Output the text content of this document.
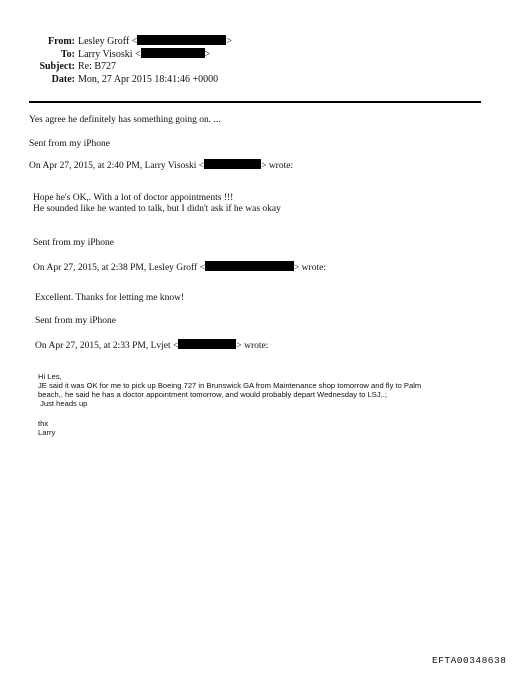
From: Lesley Groff <	>
To: Larry Visoski <	>
Subject: Re: B727
Date: Mon, 27 Apr 2015 18:41:46 +0000
Yes agree he definitely has something going on. ...
Sent from my iPhone
On Apr 27, 2015, at 2:40 PM, Larry Visoski <	> wrote:
Hope he's OK,. With a lot of doctor appointments !!!
He sounded like he wanted to talk, but I didn't ask if he was okay
Sent from my iPhone
On Apr 27, 2015, at 2:38 PM, Lesley Groff <	> wrote:
Excellent. Thanks for letting me know!
Sent from my iPhone
On Apr 27, 2015, at 2:33 PM, Lvjet <	> wrote:
Hi Les,
JE said it was OK for me to pick up Boeing 727 in Brunswick GA from Maintenance shop tomorrow and fly to Palm
beach,. he said he has a doctor appointment tomorrow, and would probably depart Wednesday to LSJ,.;
Just heads up
thx
Larry
EFTA00348638
